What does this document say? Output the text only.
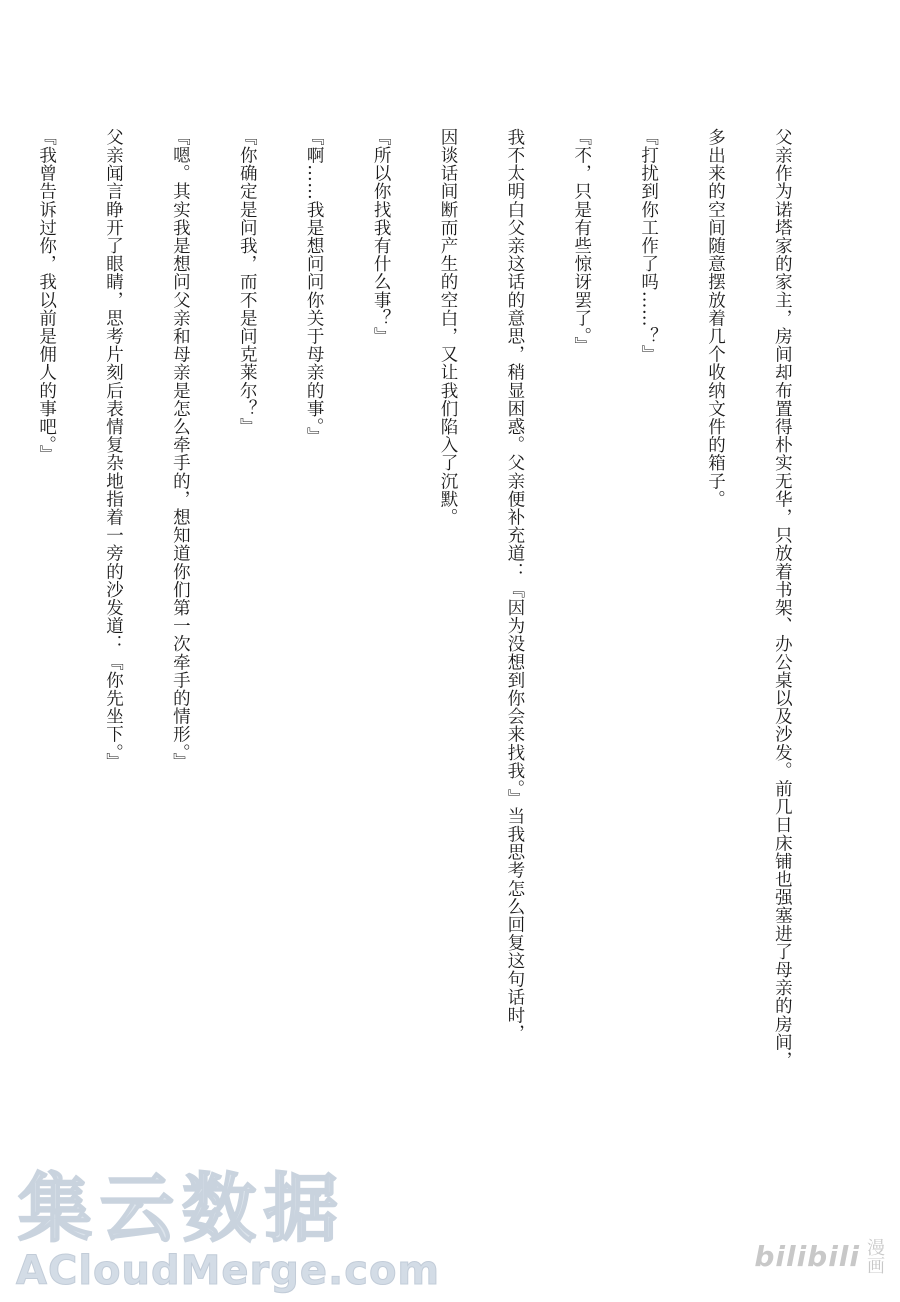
父亲作为诺塔家的家主，房间却布置得朴实无华，只放着书架、办公桌以及沙发。前几日床铺也强塞进了母亲的房间，

多出来的空间随意摆放着几个收纳文件的箱子。

『打扰到你工作了吗……？』

『不，只是有些惊讶罢了。』

我不太明白父亲这话的意思，稍显困惑。父亲便补充道：『因为没想到你会来找我。』当我思考怎么回复这句话时，

因谈话间断而产生的空白，又让我们陷入了沉默。

『所以你找我有什么事？』

『啊……我是想问问你关于母亲的事。』

『你确定是问我，而不是问克莱尔？』

『嗯。其实我是想问父亲和母亲是怎么牵手的，想知道你们第一次牵手的情形。』

父亲闻言睁开了眼睛，思考片刻后表情复杂地指着一旁的沙发道：『你先坐下。』

『我曾告诉过你，我以前是佣人的事吧。』

集云数据
ACloudMerge.com	bilibili 漫画
